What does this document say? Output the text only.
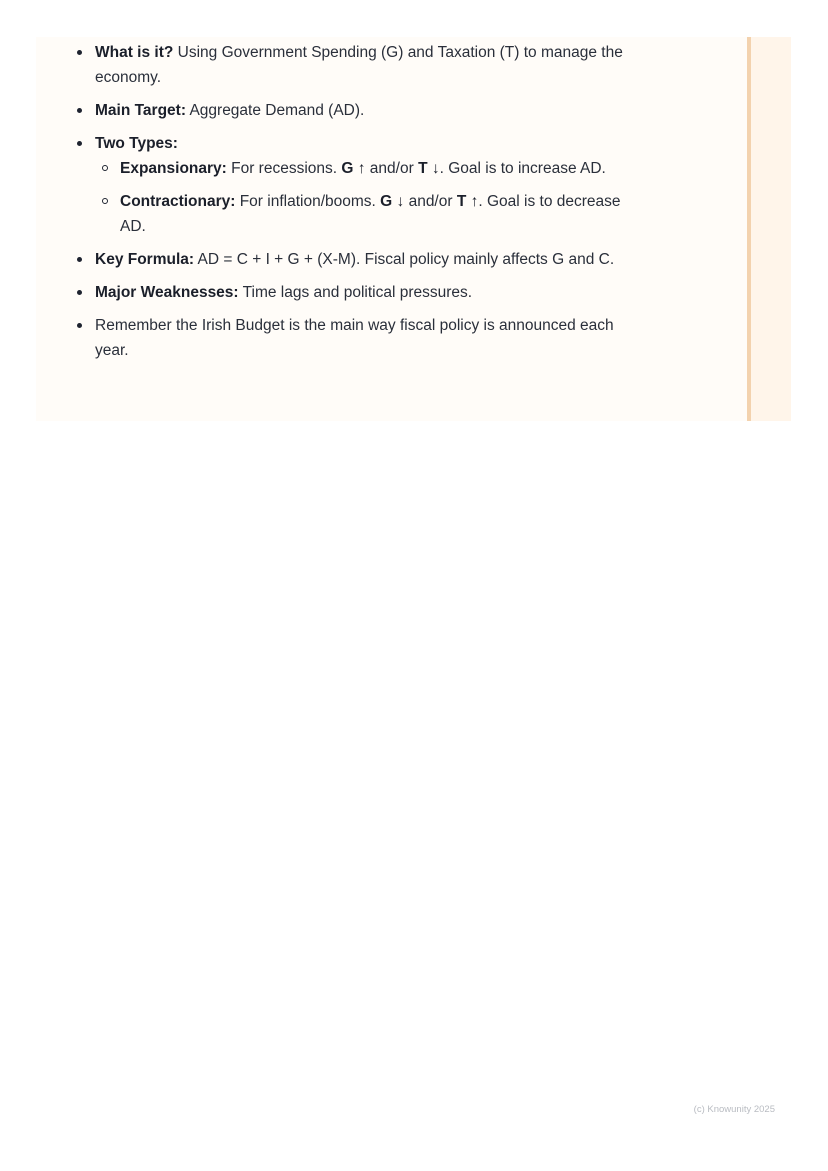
What is it? Using Government Spending (G) and Taxation (T) to manage the economy.
Main Target: Aggregate Demand (AD).
Two Types:
Expansionary: For recessions. G ↑ and/or T ↓. Goal is to increase AD.
Contractionary: For inflation/booms. G ↓ and/or T ↑. Goal is to decrease AD.
Key Formula: AD = C + I + G + (X-M). Fiscal policy mainly affects G and C.
Major Weaknesses: Time lags and political pressures.
Remember the Irish Budget is the main way fiscal policy is announced each year.
(c) Knowunity 2025
